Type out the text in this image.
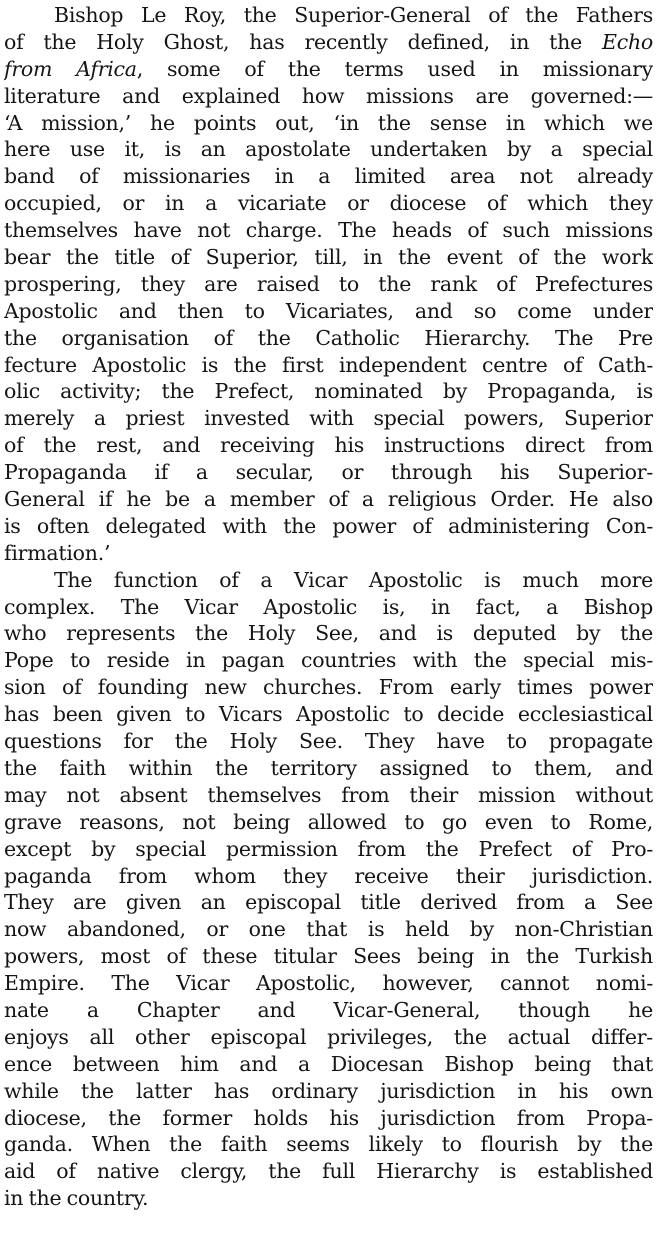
Bishop Le Roy, the Superior-General of the Fathers
of the Holy Ghost, has recently defined, in the Echo
from Africa, some of the terms used in missionary
literature and explained how missions are governed:—
‘A mission,’ he points out, ‘in the sense in which we
here use it, is an apostolate undertaken by a special
band of missionaries in a limited area not already
occupied, or in a vicariate or diocese of which they
themselves have not charge. The heads of such missions
bear the title of Superior, till, in the event of the work
prospering, they are raised to the rank of Prefectures
Apostolic and then to Vicariates, and so come under
the organisation of the Catholic Hierarchy. The Pre
fecture Apostolic is the first independent centre of Cath-
olic activity; the Prefect, nominated by Propaganda, is
merely a priest invested with special powers, Superior
of the rest, and receiving his instructions direct from
Propaganda if a secular, or through his Superior-
General if he be a member of a religious Order. He also
is often delegated with the power of administering Con-
firmation.’
The function of a Vicar Apostolic is much more
complex. The Vicar Apostolic is, in fact, a Bishop
who represents the Holy See, and is deputed by the
Pope to reside in pagan countries with the special mis-
sion of founding new churches. From early times power
has been given to Vicars Apostolic to decide ecclesiastical
questions for the Holy See. They have to propagate
the faith within the territory assigned to them, and
may not absent themselves from their mission without
grave reasons, not being allowed to go even to Rome,
except by special permission from the Prefect of Pro-
paganda from whom they receive their jurisdiction.
They are given an episcopal title derived from a See
now abandoned, or one that is held by non-Christian
powers, most of these titular Sees being in the Turkish
Empire. The Vicar Apostolic, however, cannot nomi-
nate a Chapter and Vicar-General, though he
enjoys all other episcopal privileges, the actual differ-
ence between him and a Diocesan Bishop being that
while the latter has ordinary jurisdiction in his own
diocese, the former holds his jurisdiction from Propa-
ganda. When the faith seems likely to flourish by the
aid of native clergy, the full Hierarchy is established
in the country.
